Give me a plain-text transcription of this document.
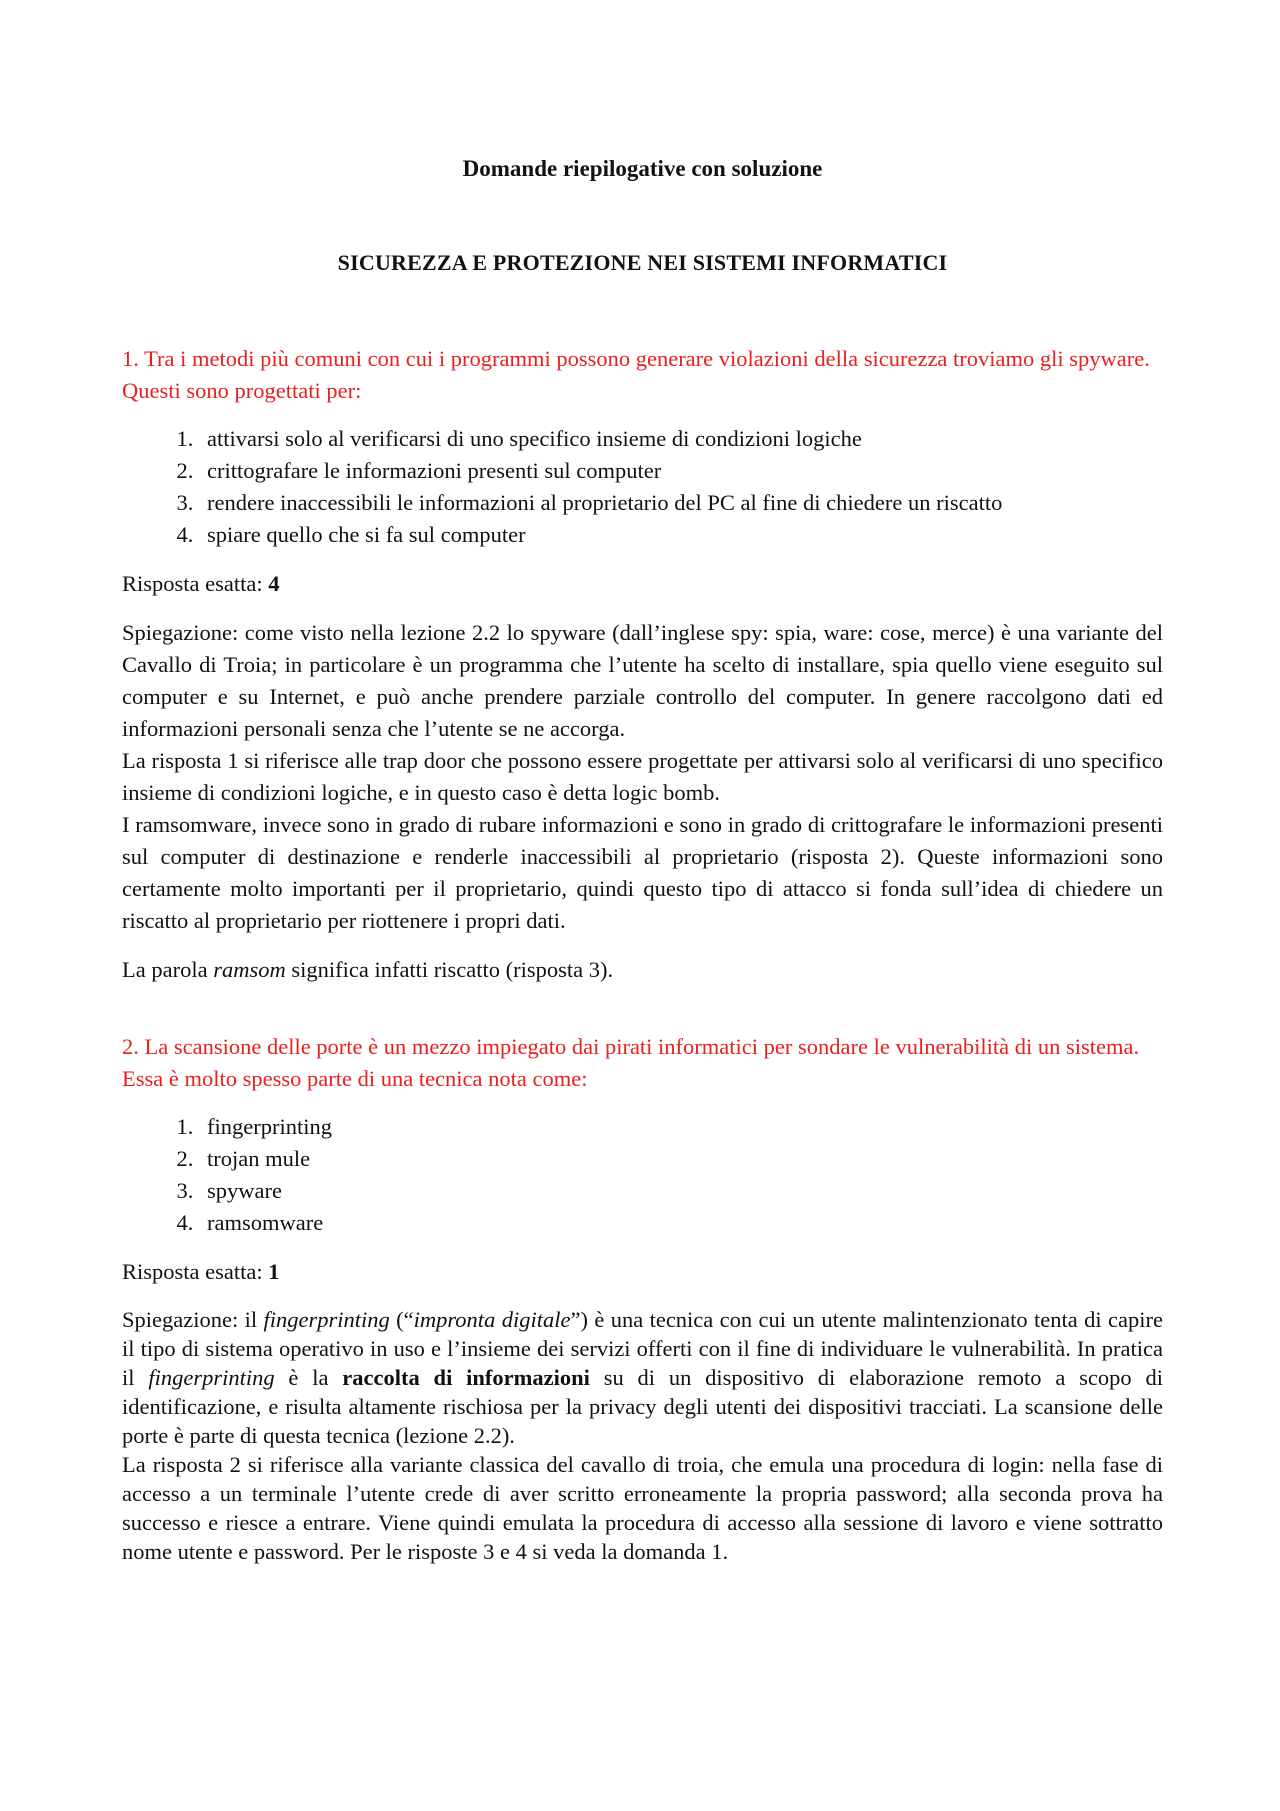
Domande riepilogative con soluzione
SICUREZZA E PROTEZIONE NEI SISTEMI INFORMATICI

1. Tra i metodi più comuni con cui i programmi possono generare violazioni della sicurezza troviamo gli spyware. Questi sono progettati per:

1. attivarsi solo al verificarsi di uno specifico insieme di condizioni logiche
2. crittografare le informazioni presenti sul computer
3. rendere inaccessibili le informazioni al proprietario del PC al fine di chiedere un riscatto
4. spiare quello che si fa sul computer

Risposta esatta: 4

Spiegazione: come visto nella lezione 2.2 lo spyware (dall’inglese spy: spia, ware: cose, merce) è una variante del Cavallo di Troia; in particolare è un programma che l’utente ha scelto di installare, spia quello viene eseguito sul computer e su Internet, e può anche prendere parziale controllo del computer. In genere raccolgono dati ed informazioni personali senza che l’utente se ne accorga.
La risposta 1 si riferisce alle trap door che possono essere progettate per attivarsi solo al verificarsi di uno specifico insieme di condizioni logiche, e in questo caso è detta logic bomb.
I ramsomware, invece sono in grado di rubare informazioni e sono in grado di crittografare le informazioni presenti sul computer di destinazione e renderle inaccessibili al proprietario (risposta 2). Queste informazioni sono certamente molto importanti per il proprietario, quindi questo tipo di attacco si fonda sull’idea di chiedere un riscatto al proprietario per riottenere i propri dati.

La parola ramsom significa infatti riscatto (risposta 3).

2. La scansione delle porte è un mezzo impiegato dai pirati informatici per sondare le vulnerabilità di un sistema. Essa è molto spesso parte di una tecnica nota come:

1. fingerprinting
2. trojan mule
3. spyware
4. ramsomware

Risposta esatta: 1

Spiegazione: il fingerprinting (“impronta digitale”) è una tecnica con cui un utente malintenzionato tenta di capire il tipo di sistema operativo in uso e l’insieme dei servizi offerti con il fine di individuare le vulnerabilità. In pratica il fingerprinting è la raccolta di informazioni su di un dispositivo di elaborazione remoto a scopo di identificazione, e risulta altamente rischiosa per la privacy degli utenti dei dispositivi tracciati. La scansione delle porte è parte di questa tecnica (lezione 2.2).
La risposta 2 si riferisce alla variante classica del cavallo di troia, che emula una procedura di login: nella fase di accesso a un terminale l’utente crede di aver scritto erroneamente la propria password; alla seconda prova ha successo e riesce a entrare. Viene quindi emulata la procedura di accesso alla sessione di lavoro e viene sottratto nome utente e password. Per le risposte 3 e 4 si veda la domanda 1.
